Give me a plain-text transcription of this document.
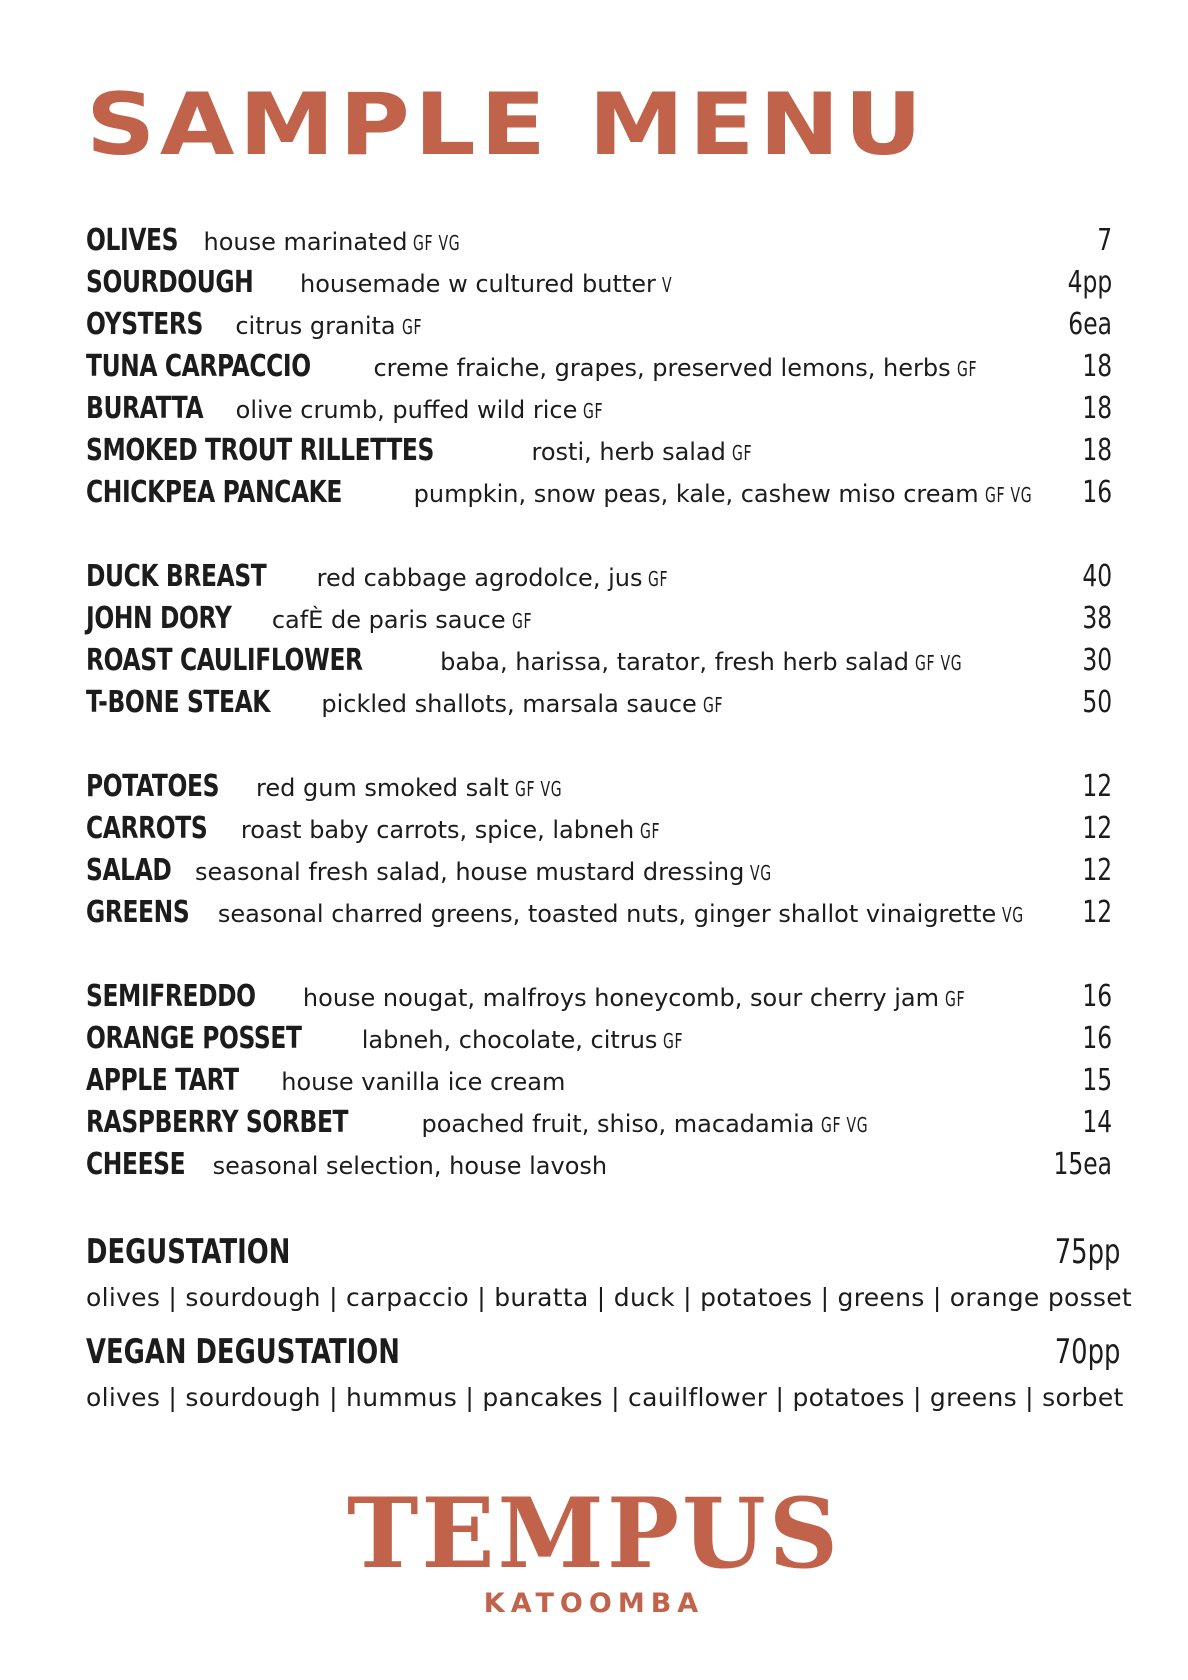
SAMPLE MENU
OLIVES house marinated GF VG	7
SOURDOUGH housemade w cultured butter V	4pp
OYSTERS citrus granita GF	6ea
TUNA CARPACCIO	creme fraiche, grapes, preserved lemons, herbs GF	18
BURATTA olive crumb, puffed wild rice GF	18
SMOKED TROUT RILLETTES	rosti, herb salad GF	18
CHICKPEA PANCAKE	pumpkin, snow peas, kale, cashew miso cream GF VG 16
DUCK BREAST red cabbage agrodolce, jus GF	40
JOHN DORY cafÈ de paris sauce GF	38
ROAST CAULIFLOWER	baba, harissa, tarator, fresh herb salad GF VG	30
T-BONE STEAK pickled shallots, marsala sauce GF	50
POTATOES red gum smoked salt GF VG	12
CARROTS roast baby carrots, spice, labneh GF	12
SALAD seasonal fresh salad, house mustard dressing VG	12
GREENS seasonal charred greens, toasted nuts, ginger shallot vinaigrette VG 12
SEMIFREDDO house nougat, malfroys honeycomb, sour cherry jam GF	16
ORANGE POSSET	labneh, chocolate, citrus GF	16
APPLE TART house vanilla ice cream	15
RASPBERRY SORBET	poached fruit, shiso, macadamia GF VG	14
CHEESE seasonal selection, house lavosh	15ea
DEGUSTATION	75pp
olives | sourdough | carpaccio | buratta | duck | potatoes | greens | orange posset
VEGAN DEGUSTATION	70pp
olives | sourdough | hummus | pancakes | cauilflower | potatoes | greens | sorbet
TEMPUS
KATOOMBA
